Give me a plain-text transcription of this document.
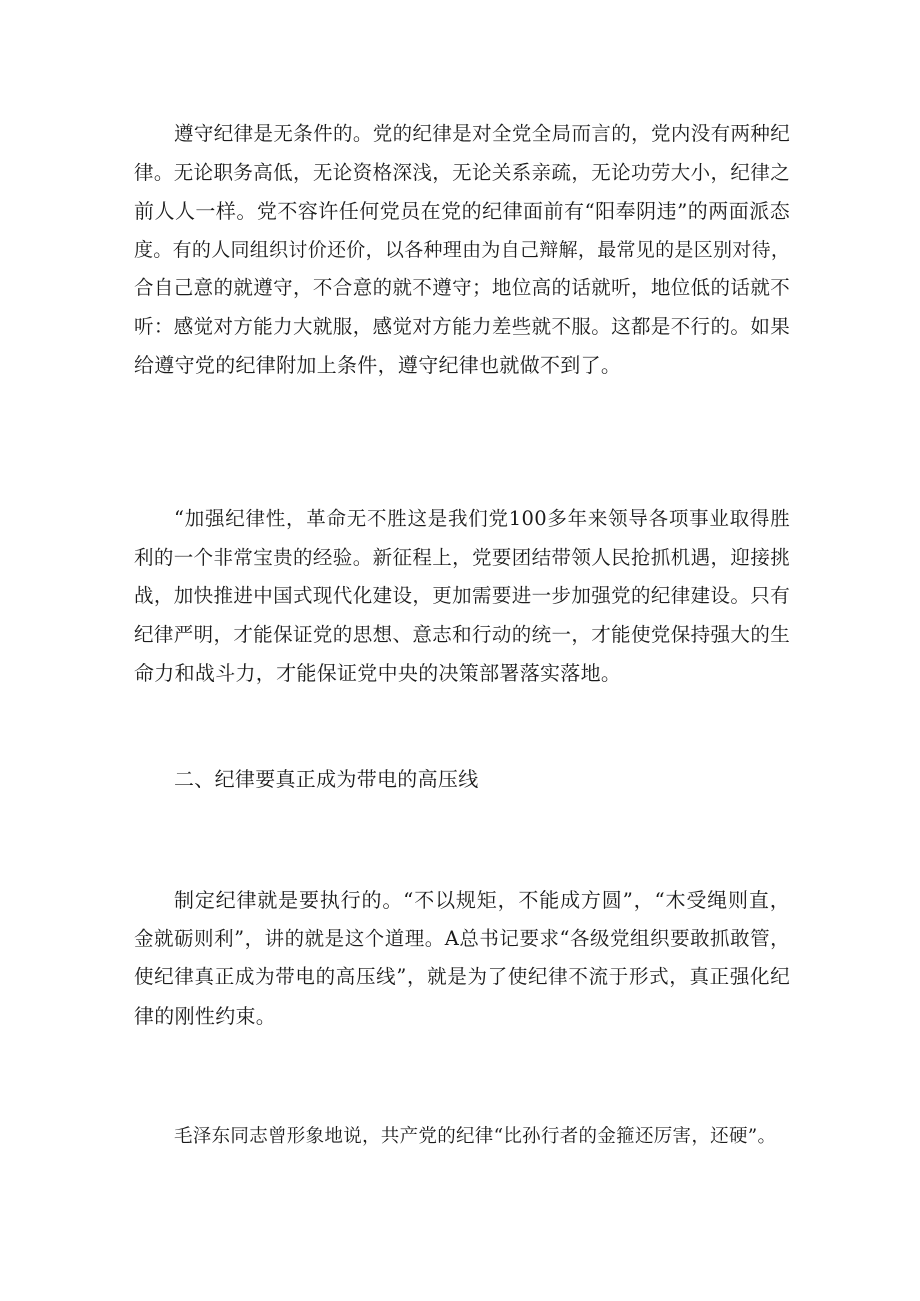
遵守纪律是无条件的。党的纪律是对全党全局而言的，党内没有两种纪
律。无论职务高低，无论资格深浅，无论关系亲疏，无论功劳大小，纪律之
前人人一样。党不容许任何党员在党的纪律面前有“阳奉阴违”的两面派态
度。有的人同组织讨价还价，以各种理由为自己辩解，最常见的是区别对待，
合自己意的就遵守，不合意的就不遵守；地位高的话就听，地位低的话就不
听：感觉对方能力大就服，感觉对方能力差些就不服。这都是不行的。如果
给遵守党的纪律附加上条件，遵守纪律也就做不到了。
“加强纪律性，革命无不胜这是我们党100多年来领导各项事业取得胜
利的一个非常宝贵的经验。新征程上，党要团结带领人民抢抓机遇，迎接挑
战，加快推进中国式现代化建设，更加需要进一步加强党的纪律建设。只有
纪律严明，才能保证党的思想、意志和行动的统一，才能使党保持强大的生
命力和战斗力，才能保证党中央的决策部署落实落地。
二、纪律要真正成为带电的高压线
制定纪律就是要执行的。“不以规矩，不能成方圆”，“木受绳则直，
金就砺则利”，讲的就是这个道理。A总书记要求“各级党组织要敢抓敢管，
使纪律真正成为带电的高压线”，就是为了使纪律不流于形式，真正强化纪
律的刚性约束。
毛泽东同志曾形象地说，共产党的纪律“比孙行者的金箍还厉害，还硬”。
